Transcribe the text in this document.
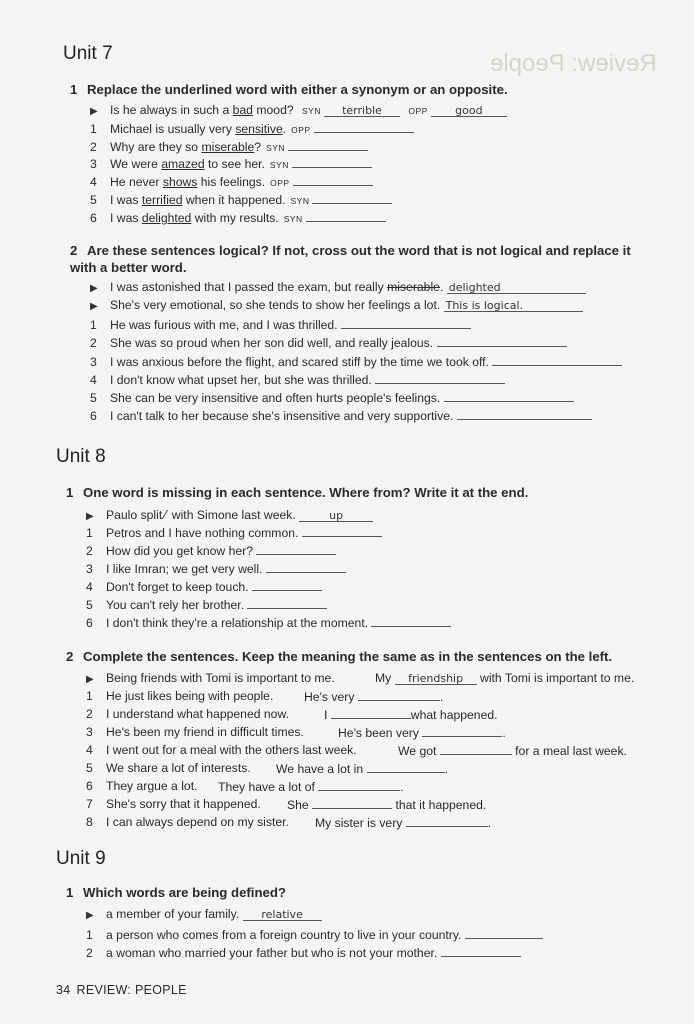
Review: People
Unit 7

1 Replace the underlined word with either a synonym or an opposite.

▶ Is he always in such a bad mood? SYN terrible	OPP good
1 Michael is usually very sensitive. OPP
2 Why are they so miserable? SYN
3 We were amazed to see her. SYN
4 He never shows his feelings. OPP
5 I was terrified when it happened. SYN
6 I was delighted with my results. SYN

2 Are these sentences logical? If not, cross out the word that is not logical and replace it
with a better word.

▶ I was astonished that I passed the exam, but really miserable. delighted
▶ She's very emotional, so she tends to show her feelings a lot. This is logical.
1 He was furious with me, and I was thrilled.
2 She was so proud when her son did well, and really jealous.
3 I was anxious before the flight, and scared stiff by the time we took off.
4 I don't know what upset her, but she was thrilled.
5 She can be very insensitive and often hurts people's feelings.
6 I can't talk to her because she's insensitive and very supportive.
Unit 8

1 One word is missing in each sentence. Where from? Write it at the end.

▶ Paulo split ⁄ with Simone last week.	up
1 Petros and I have nothing common.
2 How did you get know her?
3 I like Imran; we get very well.
4 Don't forget to keep touch.
5 You can't rely her brother.
6 I don't think they're a relationship at the moment.

2 Complete the sentences. Keep the meaning the same as in the sentences on the left.

▶ Being friends with Tomi is important to me.	My friendship with Tomi is important to me.
1 He just likes being with people.	He's very	.
2 I understand what happened now.	I	what happened.
3 He's been my friend in difficult times.	He's been very	.
4 I went out for a meal with the others last week.	We got	for a meal last week.
5 We share a lot of interests. We have a lot in	.
6 They argue a lot. They have a lot of	.
7 She's sorry that it happened. She	that it happened.
8 I can always depend on my sister. My sister is very	.
Unit 9

1 Which words are being defined?

▶ a member of your family. relative
1 a person who comes from a foreign country to live in your country.
2 a woman who married your father but who is not your mother.
34 REVIEW: PEOPLE
